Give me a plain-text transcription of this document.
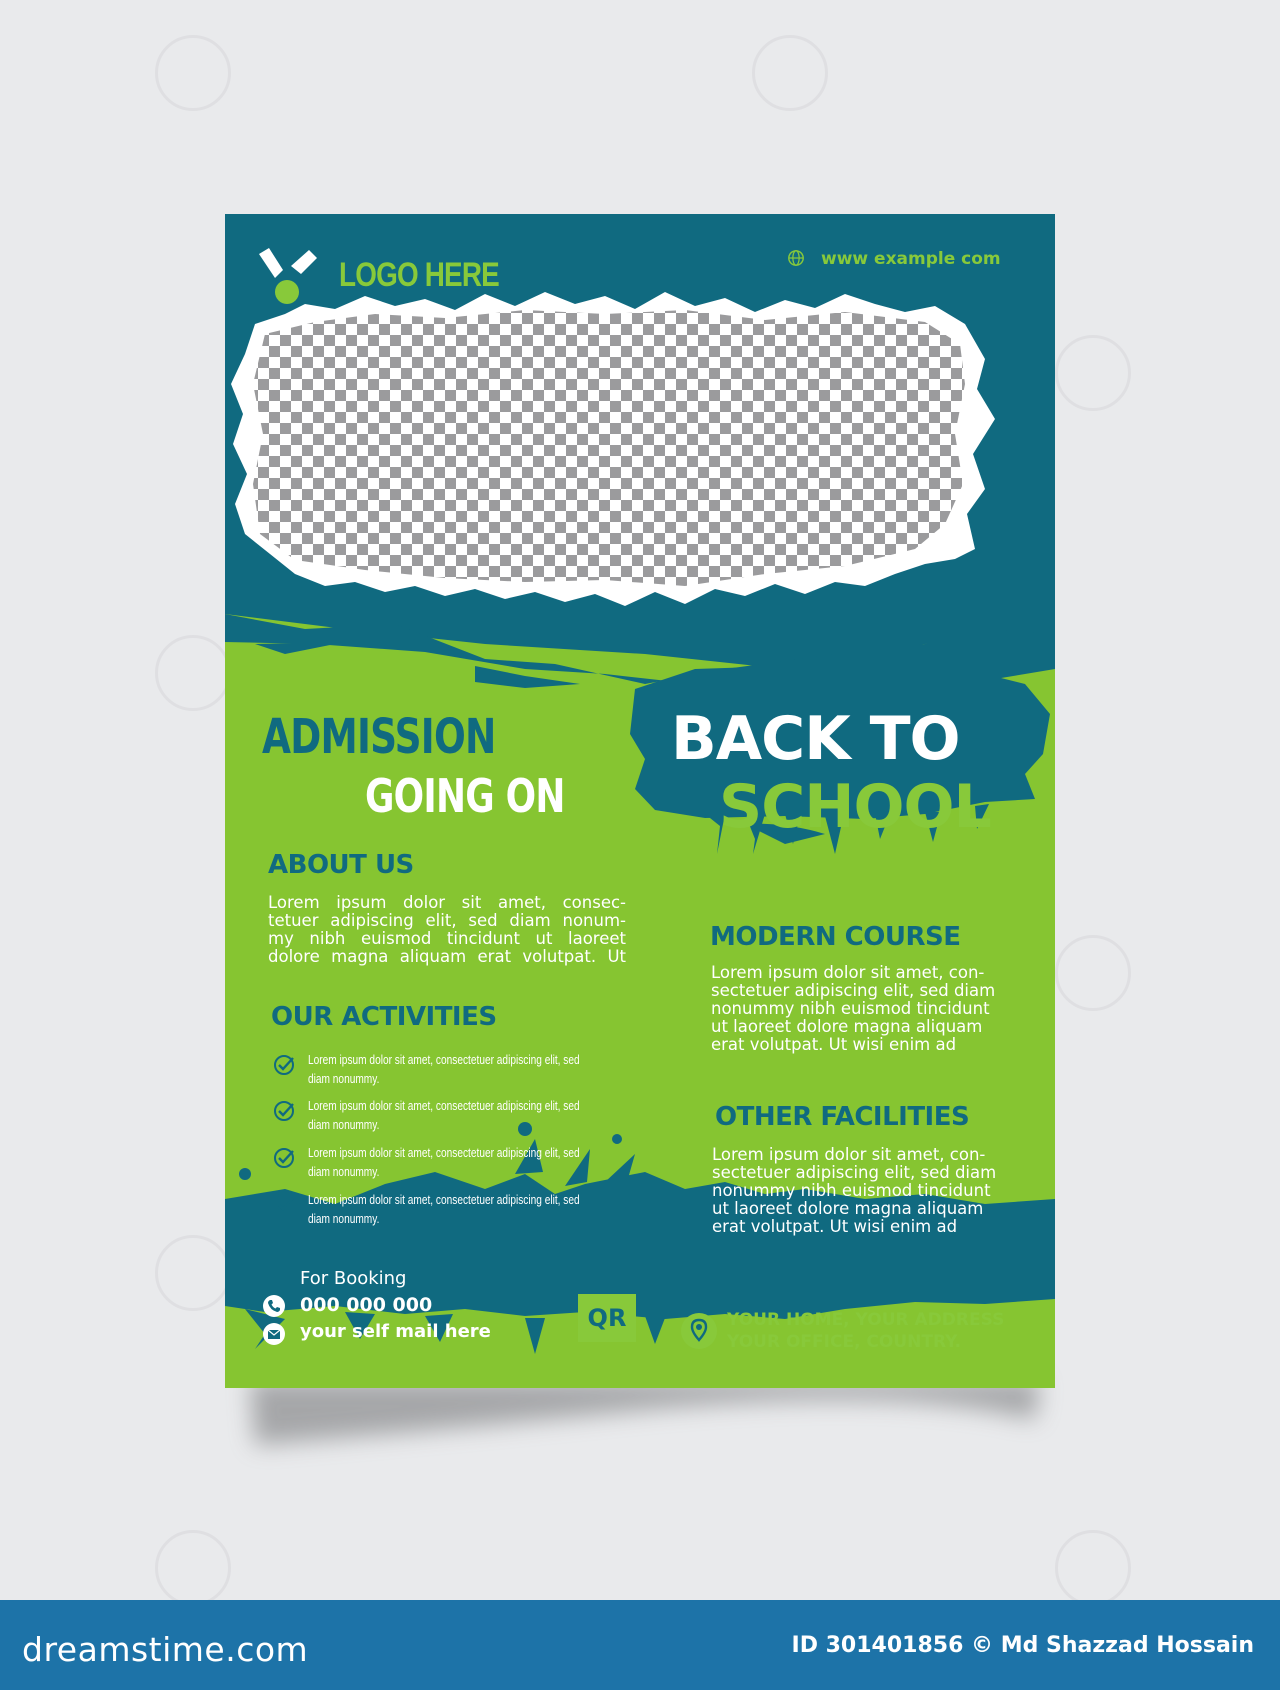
LOGO HERE	www example com
ADMISSION
GOING ON
BACK TO
SCHOOL
ABOUT US
Lorem ipsum dolor sit amet, consec-
tetuer adipiscing elit, sed diam nonum-
my nibh euismod tincidunt ut laoreet
dolore magna aliquam erat volutpat. Ut
OUR ACTIVITIES
Lorem ipsum dolor sit amet, consectetuer adipiscing elit, sed
diam nonummy.
Lorem ipsum dolor sit amet, consectetuer adipiscing elit, sed
diam nonummy.
Lorem ipsum dolor sit amet, consectetuer adipiscing elit, sed
diam nonummy.
Lorem ipsum dolor sit amet, consectetuer adipiscing elit, sed
diam nonummy.
MODERN COURSE
Lorem ipsum dolor sit amet, con-
sectetuer adipiscing elit, sed diam
nonummy nibh euismod tincidunt
ut laoreet dolore magna aliquam
erat volutpat. Ut wisi enim ad
OTHER FACILITIES
Lorem ipsum dolor sit amet, con-
sectetuer adipiscing elit, sed diam
nonummy nibh euismod tincidunt
ut laoreet dolore magna aliquam
erat volutpat. Ut wisi enim ad
For Booking
000 000 000
your self mail here	QR	YOUR HOME, YOUR ADDRESS
YOUR OFFICE, COUNTRY.
dreamstime.com	ID 301401856 © Md Shazzad Hossain
